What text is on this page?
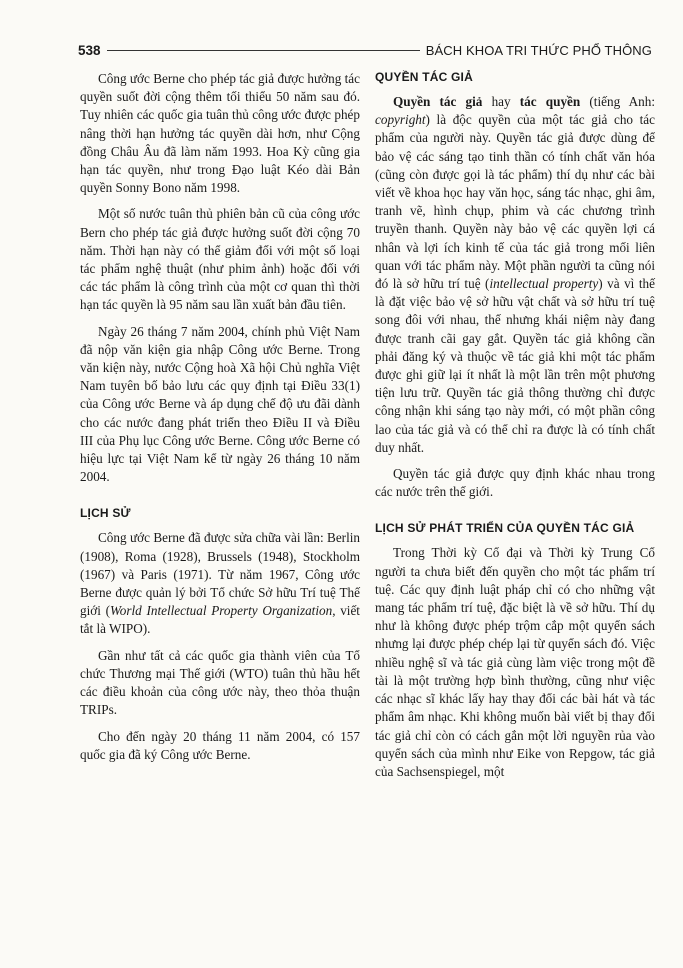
538	BÁCH KHOA TRI THỨC PHỔ THÔNG

Công ước Berne cho phép tác giả được hưởng tác quyền suốt đời cộng thêm tối thiểu 50 năm sau đó. Tuy nhiên các quốc gia tuân thủ công ước được phép nâng thời hạn hưởng tác quyền dài hơn, như Cộng đồng Châu Âu đã làm năm 1993. Hoa Kỳ cũng gia hạn tác quyền, như trong Đạo luật Kéo dài Bản quyền Sonny Bono năm 1998.

Một số nước tuân thủ phiên bản cũ của công ước Bern cho phép tác giả được hưởng suốt đời cộng 70 năm. Thời hạn này có thể giảm đối với một số loại tác phẩm nghệ thuật (như phim ảnh) hoặc đối với các tác phẩm là công trình của một cơ quan thì thời hạn tác quyền là 95 năm sau lần xuất bản đầu tiên.

Ngày 26 tháng 7 năm 2004, chính phủ Việt Nam đã nộp văn kiện gia nhập Công ước Berne. Trong văn kiện này, nước Cộng hoà Xã hội Chủ nghĩa Việt Nam tuyên bố bảo lưu các quy định tại Điều 33(1) của Công ước Berne và áp dụng chế độ ưu đãi dành cho các nước đang phát triển theo Điều II và Điều III của Phụ lục Công ước Berne. Công ước Berne có hiệu lực tại Việt Nam kể từ ngày 26 tháng 10 năm 2004.

LỊCH SỬ

Công ước Berne đã được sửa chữa vài lần: Berlin (1908), Roma (1928), Brussels (1948), Stockholm (1967) và Paris (1971). Từ năm 1967, Công ước Berne được quản lý bởi Tổ chức Sở hữu Trí tuệ Thế giới (World Intellectual Property Organization, viết tắt là WIPO).

Gần như tất cả các quốc gia thành viên của Tổ chức Thương mại Thế giới (WTO) tuân thủ hầu hết các điều khoản của công ước này, theo thỏa thuận TRIPs.

Cho đến ngày 20 tháng 11 năm 2004, có 157 quốc gia đã ký Công ước Berne.

QUYỀN TÁC GIẢ

Quyền tác giả hay tác quyền (tiếng Anh: copyright) là độc quyền của một tác giả cho tác phẩm của người này. Quyền tác giả được dùng để bảo vệ các sáng tạo tinh thần có tính chất văn hóa (cũng còn được gọi là tác phẩm) thí dụ như các bài viết về khoa học hay văn học, sáng tác nhạc, ghi âm, tranh vẽ, hình chụp, phim và các chương trình truyền thanh. Quyền này bảo vệ các quyền lợi cá nhân và lợi ích kinh tế của tác giả trong mối liên quan với tác phẩm này. Một phần người ta cũng nói đó là sở hữu trí tuệ (intellectual property) và vì thế là đặt việc bảo vệ sở hữu vật chất và sở hữu trí tuệ song đôi với nhau, thế nhưng khái niệm này đang được tranh cãi gay gắt. Quyền tác giả không cần phải đăng ký và thuộc về tác giả khi một tác phẩm được ghi giữ lại ít nhất là một lần trên một phương tiện lưu trữ. Quyền tác giả thông thường chỉ được công nhận khi sáng tạo này mới, có một phần công lao của tác giả và có thể chỉ ra được là có tính chất duy nhất.

Quyền tác giả được quy định khác nhau trong các nước trên thế giới.

LỊCH SỬ PHÁT TRIỂN CỦA QUYỀN TÁC GIẢ

Trong Thời kỳ Cổ đại và Thời kỳ Trung Cổ người ta chưa biết đến quyền cho một tác phẩm trí tuệ. Các quy định luật pháp chỉ có cho những vật mang tác phẩm trí tuệ, đặc biệt là về sở hữu. Thí dụ như là không được phép trộm cắp một quyển sách nhưng lại được phép chép lại từ quyển sách đó. Việc nhiều nghệ sĩ và tác giả cùng làm việc trong một đề tài là một trường hợp bình thường, cũng như việc các nhạc sĩ khác lấy hay thay đổi các bài hát và tác phẩm âm nhạc. Khi không muốn bài viết bị thay đổi tác giả chỉ còn có cách gắn một lời nguyền rủa vào quyển sách của mình như Eike von Repgow, tác giả của Sachsenspiegel, một
